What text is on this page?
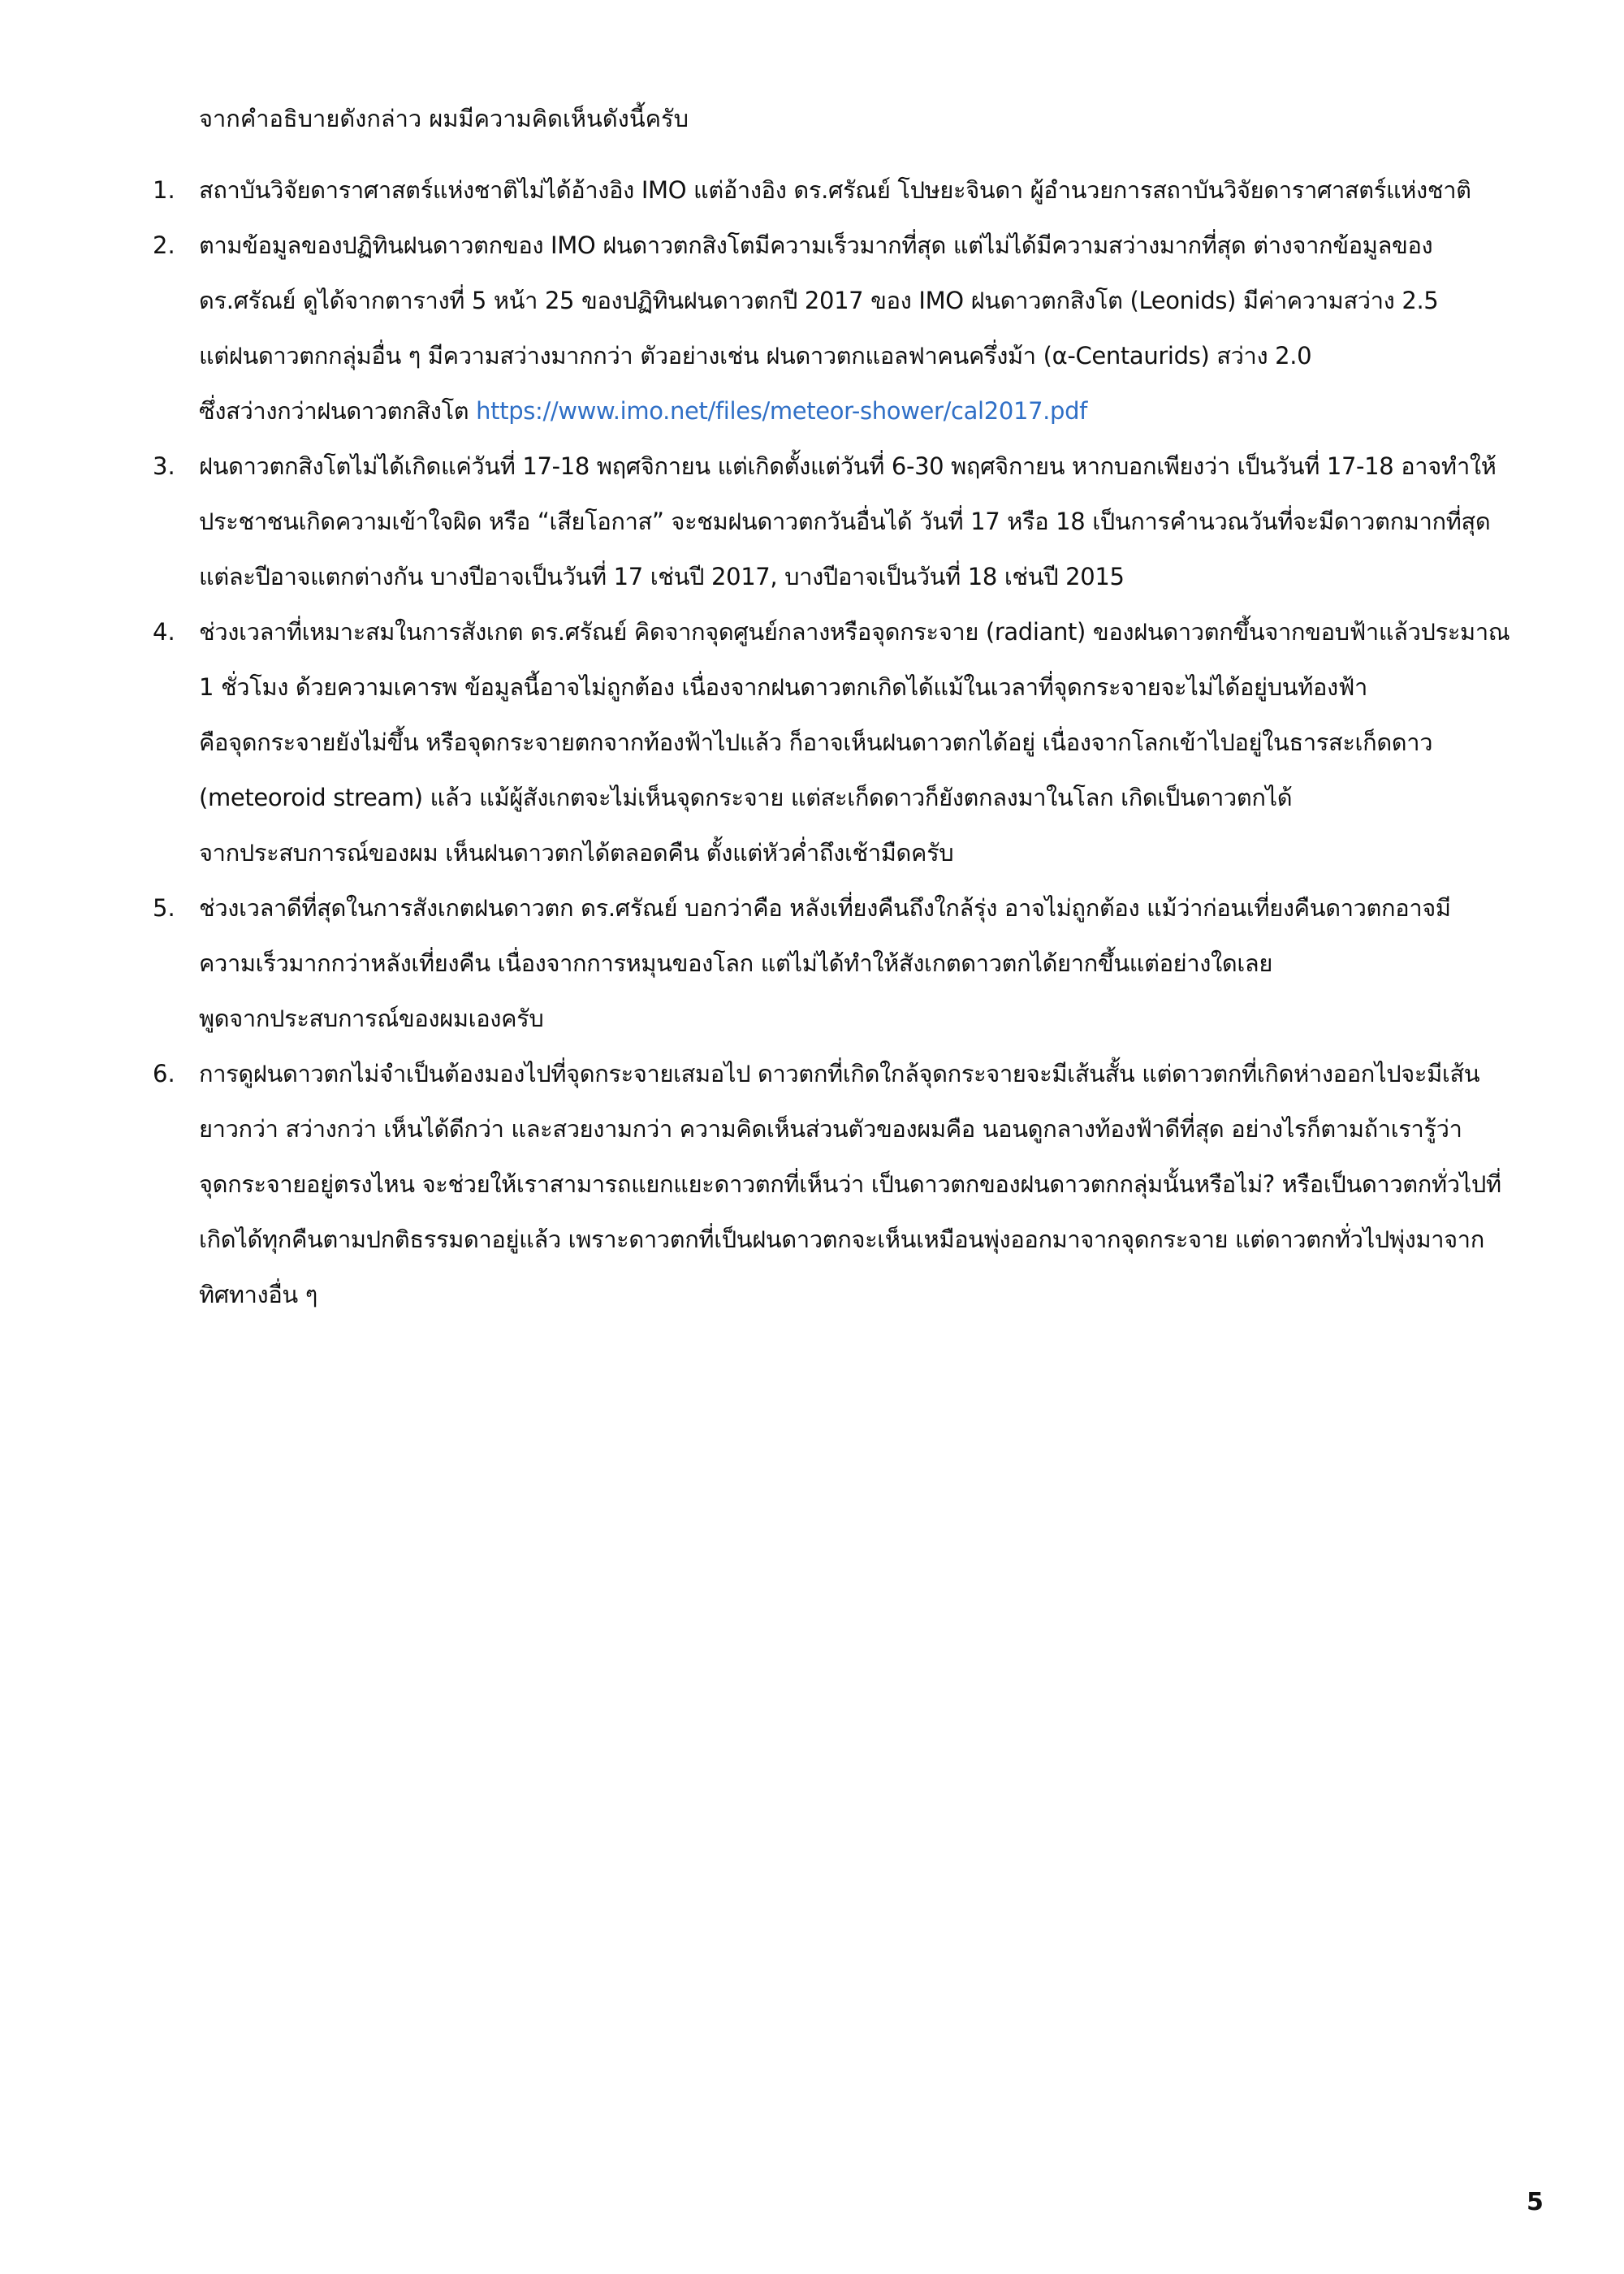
จากคำอธิบายดังกล่าว ผมมีความคิดเห็นดังนี้ครับ
1.	สถาบันวิจัยดาราศาสตร์แห่งชาติไม่ได้อ้างอิง IMO แต่อ้างอิง ดร.ศรัณย์ โปษยะจินดา ผู้อำนวยการสถาบันวิจัยดาราศาสตร์แห่งชาติ
2.	ตามข้อมูลของปฏิทินฝนดาวตกของ IMO ฝนดาวตกสิงโตมีความเร็วมากที่สุด แต่ไม่ได้มีความสว่างมากที่สุด ต่างจากข้อมูลของ
ดร.ศรัณย์ ดูได้จากตารางที่ 5 หน้า 25 ของปฏิทินฝนดาวตกปี 2017 ของ IMO ฝนดาวตกสิงโต (Leonids) มีค่าความสว่าง 2.5
แต่ฝนดาวตกกลุ่มอื่น ๆ มีความสว่างมากกว่า ตัวอย่างเช่น ฝนดาวตกแอลฟาคนครึ่งม้า (α-Centaurids) สว่าง 2.0
ซึ่งสว่างกว่าฝนดาวตกสิงโต https://www.imo.net/files/meteor-shower/cal2017.pdf
3.	ฝนดาวตกสิงโตไม่ได้เกิดแค่วันที่ 17-18 พฤศจิกายน แต่เกิดตั้งแต่วันที่ 6-30 พฤศจิกายน หากบอกเพียงว่า เป็นวันที่ 17-18 อาจทำให้
ประชาชนเกิดความเข้าใจผิด หรือ “เสียโอกาส” จะชมฝนดาวตกวันอื่นได้ วันที่ 17 หรือ 18 เป็นการคำนวณวันที่จะมีดาวตกมากที่สุด
แต่ละปีอาจแตกต่างกัน บางปีอาจเป็นวันที่ 17 เช่นปี 2017, บางปีอาจเป็นวันที่ 18 เช่นปี 2015
4.	ช่วงเวลาที่เหมาะสมในการสังเกต ดร.ศรัณย์ คิดจากจุดศูนย์กลางหรือจุดกระจาย (radiant) ของฝนดาวตกขึ้นจากขอบฟ้าแล้วประมาณ
1 ชั่วโมง ด้วยความเคารพ ข้อมูลนี้อาจไม่ถูกต้อง เนื่องจากฝนดาวตกเกิดได้แม้ในเวลาที่จุดกระจายจะไม่ได้อยู่บนท้องฟ้า
คือจุดกระจายยังไม่ขึ้น หรือจุดกระจายตกจากท้องฟ้าไปแล้ว ก็อาจเห็นฝนดาวตกได้อยู่ เนื่องจากโลกเข้าไปอยู่ในธารสะเก็ดดาว
(meteoroid stream) แล้ว แม้ผู้สังเกตจะไม่เห็นจุดกระจาย แต่สะเก็ดดาวก็ยังตกลงมาในโลก เกิดเป็นดาวตกได้
จากประสบการณ์ของผม เห็นฝนดาวตกได้ตลอดคืน ตั้งแต่หัวค่ำถึงเช้ามืดครับ
5.	ช่วงเวลาดีที่สุดในการสังเกตฝนดาวตก ดร.ศรัณย์ บอกว่าคือ หลังเที่ยงคืนถึงใกล้รุ่ง อาจไม่ถูกต้อง แม้ว่าก่อนเที่ยงคืนดาวตกอาจมี
ความเร็วมากกว่าหลังเที่ยงคืน เนื่องจากการหมุนของโลก แต่ไม่ได้ทำให้สังเกตดาวตกได้ยากขึ้นแต่อย่างใดเลย
พูดจากประสบการณ์ของผมเองครับ
6.	การดูฝนดาวตกไม่จำเป็นต้องมองไปที่จุดกระจายเสมอไป ดาวตกที่เกิดใกล้จุดกระจายจะมีเส้นสั้น แต่ดาวตกที่เกิดห่างออกไปจะมีเส้น
ยาวกว่า สว่างกว่า เห็นได้ดีกว่า และสวยงามกว่า ความคิดเห็นส่วนตัวของผมคือ นอนดูกลางท้องฟ้าดีที่สุด อย่างไรก็ตามถ้าเรารู้ว่า
จุดกระจายอยู่ตรงไหน จะช่วยให้เราสามารถแยกแยะดาวตกที่เห็นว่า เป็นดาวตกของฝนดาวตกกลุ่มนั้นหรือไม่? หรือเป็นดาวตกทั่วไปที่
เกิดได้ทุกคืนตามปกติธรรมดาอยู่แล้ว เพราะดาวตกที่เป็นฝนดาวตกจะเห็นเหมือนพุ่งออกมาจากจุดกระจาย แต่ดาวตกทั่วไปพุ่งมาจาก
ทิศทางอื่น ๆ
5
